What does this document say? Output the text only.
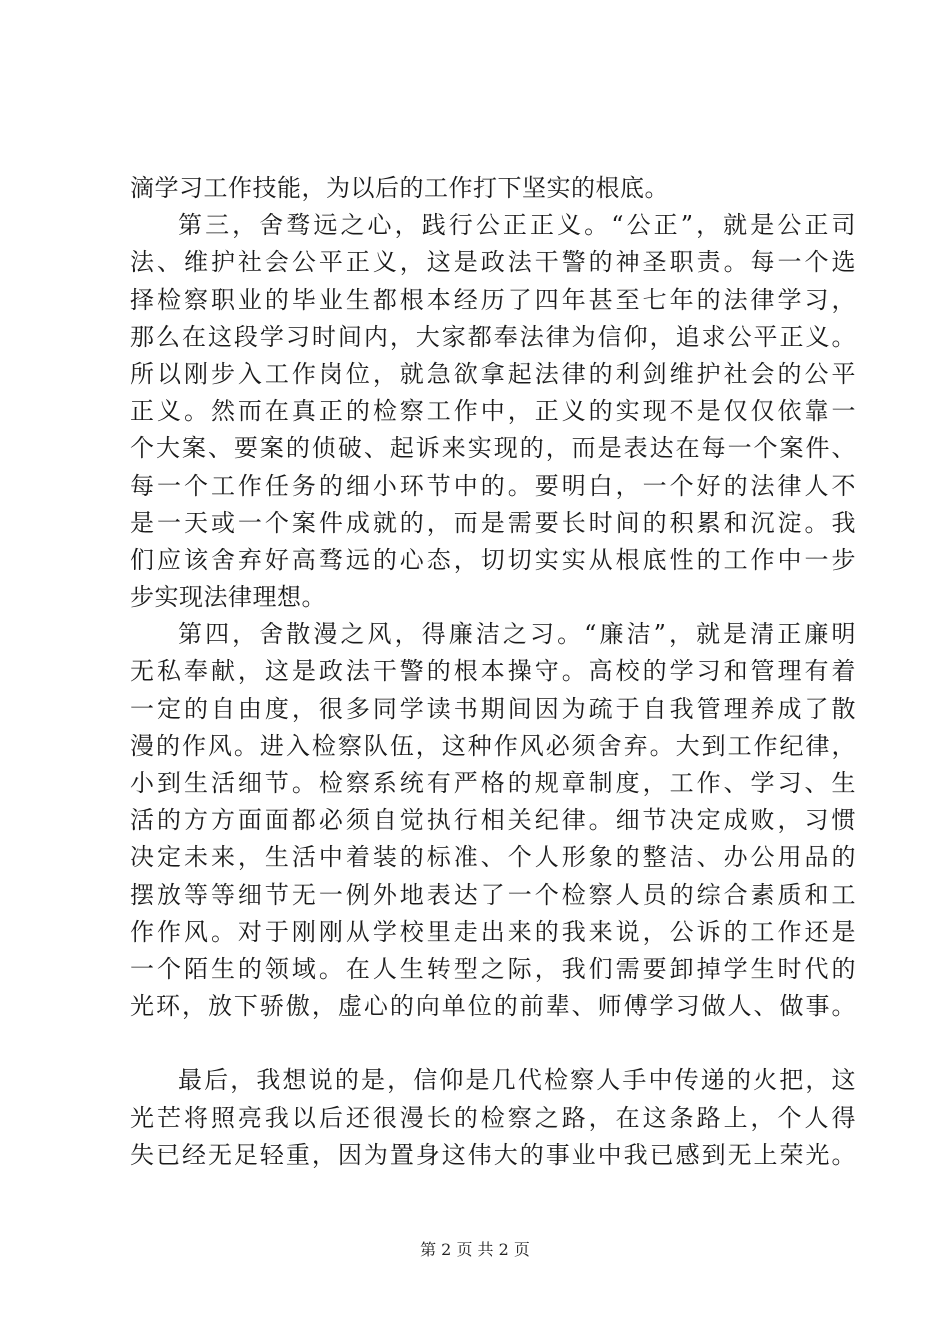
滴学习工作技能，为以后的工作打下坚实的根底。
第三，舍骛远之心，践行公正正义。“公正”，就是公正司
法、维护社会公平正义，这是政法干警的神圣职责。每一个选
择检察职业的毕业生都根本经历了四年甚至七年的法律学习，
那么在这段学习时间内，大家都奉法律为信仰，追求公平正义。
所以刚步入工作岗位，就急欲拿起法律的利剑维护社会的公平
正义。然而在真正的检察工作中，正义的实现不是仅仅依靠一
个大案、要案的侦破、起诉来实现的，而是表达在每一个案件、
每一个工作任务的细小环节中的。要明白，一个好的法律人不
是一天或一个案件成就的，而是需要长时间的积累和沉淀。我
们应该舍弃好高骛远的心态，切切实实从根底性的工作中一步
步实现法律理想。
第四，舍散漫之风，得廉洁之习。“廉洁”，就是清正廉明
无私奉献，这是政法干警的根本操守。高校的学习和管理有着
一定的自由度，很多同学读书期间因为疏于自我管理养成了散
漫的作风。进入检察队伍，这种作风必须舍弃。大到工作纪律，
小到生活细节。检察系统有严格的规章制度，工作、学习、生
活的方方面面都必须自觉执行相关纪律。细节决定成败，习惯
决定未来，生活中着装的标准、个人形象的整洁、办公用品的
摆放等等细节无一例外地表达了一个检察人员的综合素质和工
作作风。对于刚刚从学校里走出来的我来说，公诉的工作还是
一个陌生的领域。在人生转型之际，我们需要卸掉学生时代的
光环，放下骄傲，虚心的向单位的前辈、师傅学习做人、做事。
最后，我想说的是，信仰是几代检察人手中传递的火把，这
光芒将照亮我以后还很漫长的检察之路，在这条路上，个人得
失已经无足轻重，因为置身这伟大的事业中我已感到无上荣光。
第 2 页 共 2 页
